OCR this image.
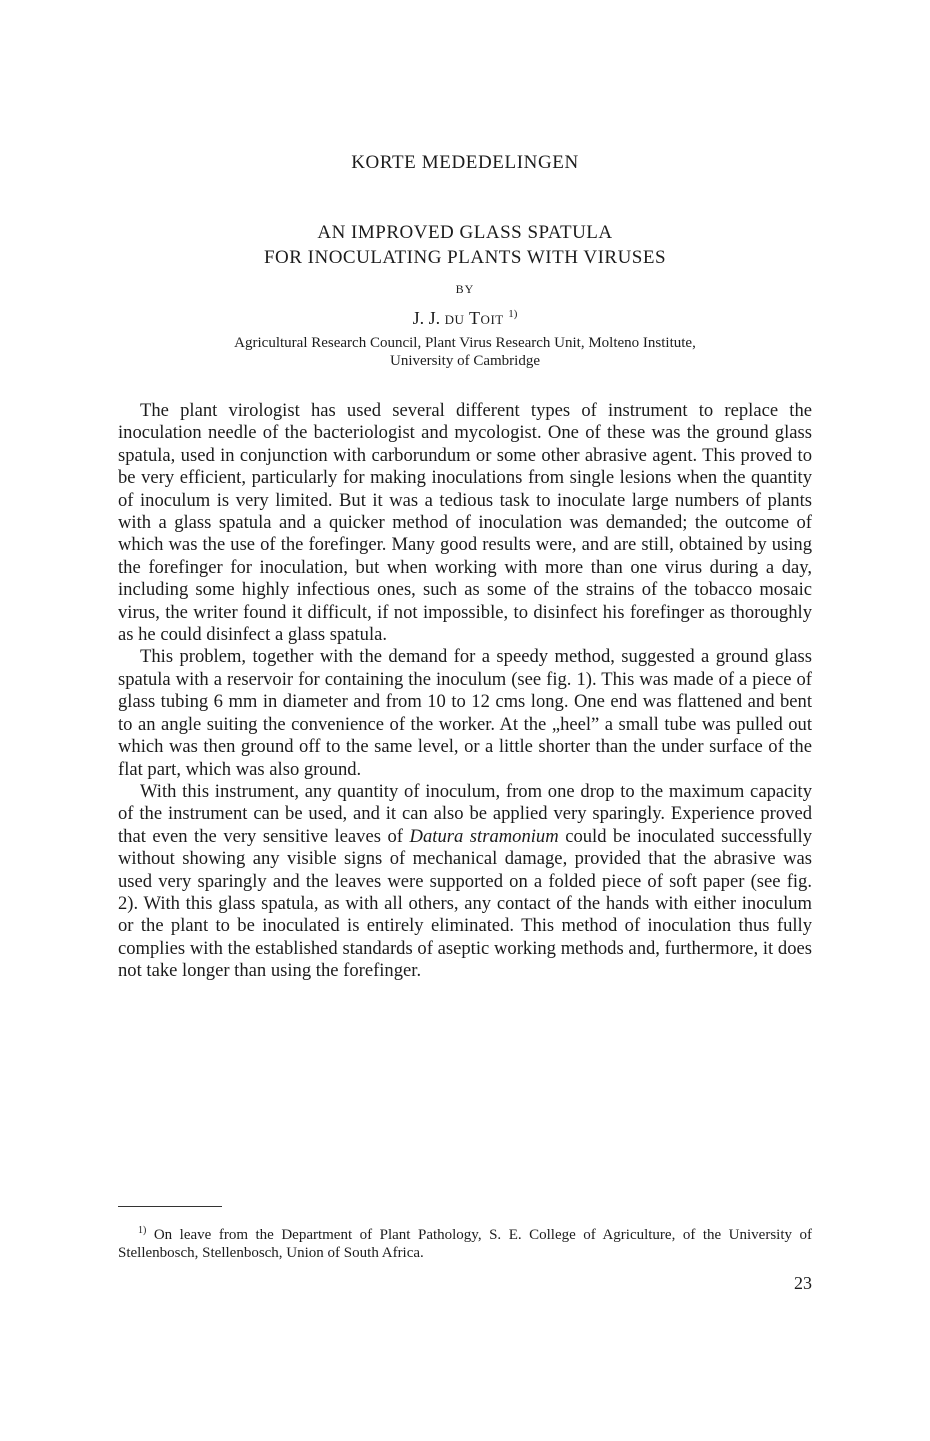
KORTE MEDEDELINGEN
AN IMPROVED GLASS SPATULA
FOR INOCULATING PLANTS WITH VIRUSES
BY
J. J. du Toit $^{1)}$
Agricultural Research Council, Plant Virus Research Unit, Molteno Institute,
University of Cambridge

The plant virologist has used several different types of instrument to replace the inoculation needle of the bacteriologist and mycologist. One of these was the ground glass spatula, used in conjunction with carborundum or some other abrasive agent. This proved to be very efficient, particularly for making inoculations from single lesions when the quantity of inoculum is very limited. But it was a tedious task to inoculate large numbers of plants with a glass spatula and a quicker method of inoculation was demanded; the outcome of which was the use of the forefinger. Many good results were, and are still, obtained by using the forefinger for inoculation, but when working with more than one virus during a day, including some highly infectious ones, such as some of the strains of the tobacco mosaic virus, the writer found it difficult, if not impossible, to disinfect his forefinger as thoroughly as he could disinfect a glass spatula.

This problem, together with the demand for a speedy method, suggested a ground glass spatula with a reservoir for containing the inoculum (see fig. 1). This was made of a piece of glass tubing 6 mm in diameter and from 10 to 12 cms long. One end was flattened and bent to an angle suiting the convenience of the worker. At the „heel” a small tube was pulled out which was then ground off to the same level, or a little shorter than the under surface of the flat part, which was also ground.

With this instrument, any quantity of inoculum, from one drop to the maximum capacity of the instrument can be used, and it can also be applied very sparingly. Experience proved that even the very sensitive leaves of Datura stramonium could be inoculated successfully without showing any visible signs of mechanical damage, provided that the abrasive was used very sparingly and the leaves were supported on a folded piece of soft paper (see fig. 2). With this glass spatula, as with all others, any contact of the hands with either inoculum or the plant to be inoculated is entirely eliminated. This method of inoculation thus fully complies with the established standards of aseptic working methods and, furthermore, it does not take longer than using the forefinger.

$^{1)}$ On leave from the Department of Plant Pathology, S. E. College of Agriculture, of the University of Stellenbosch, Stellenbosch, Union of South Africa.

23
